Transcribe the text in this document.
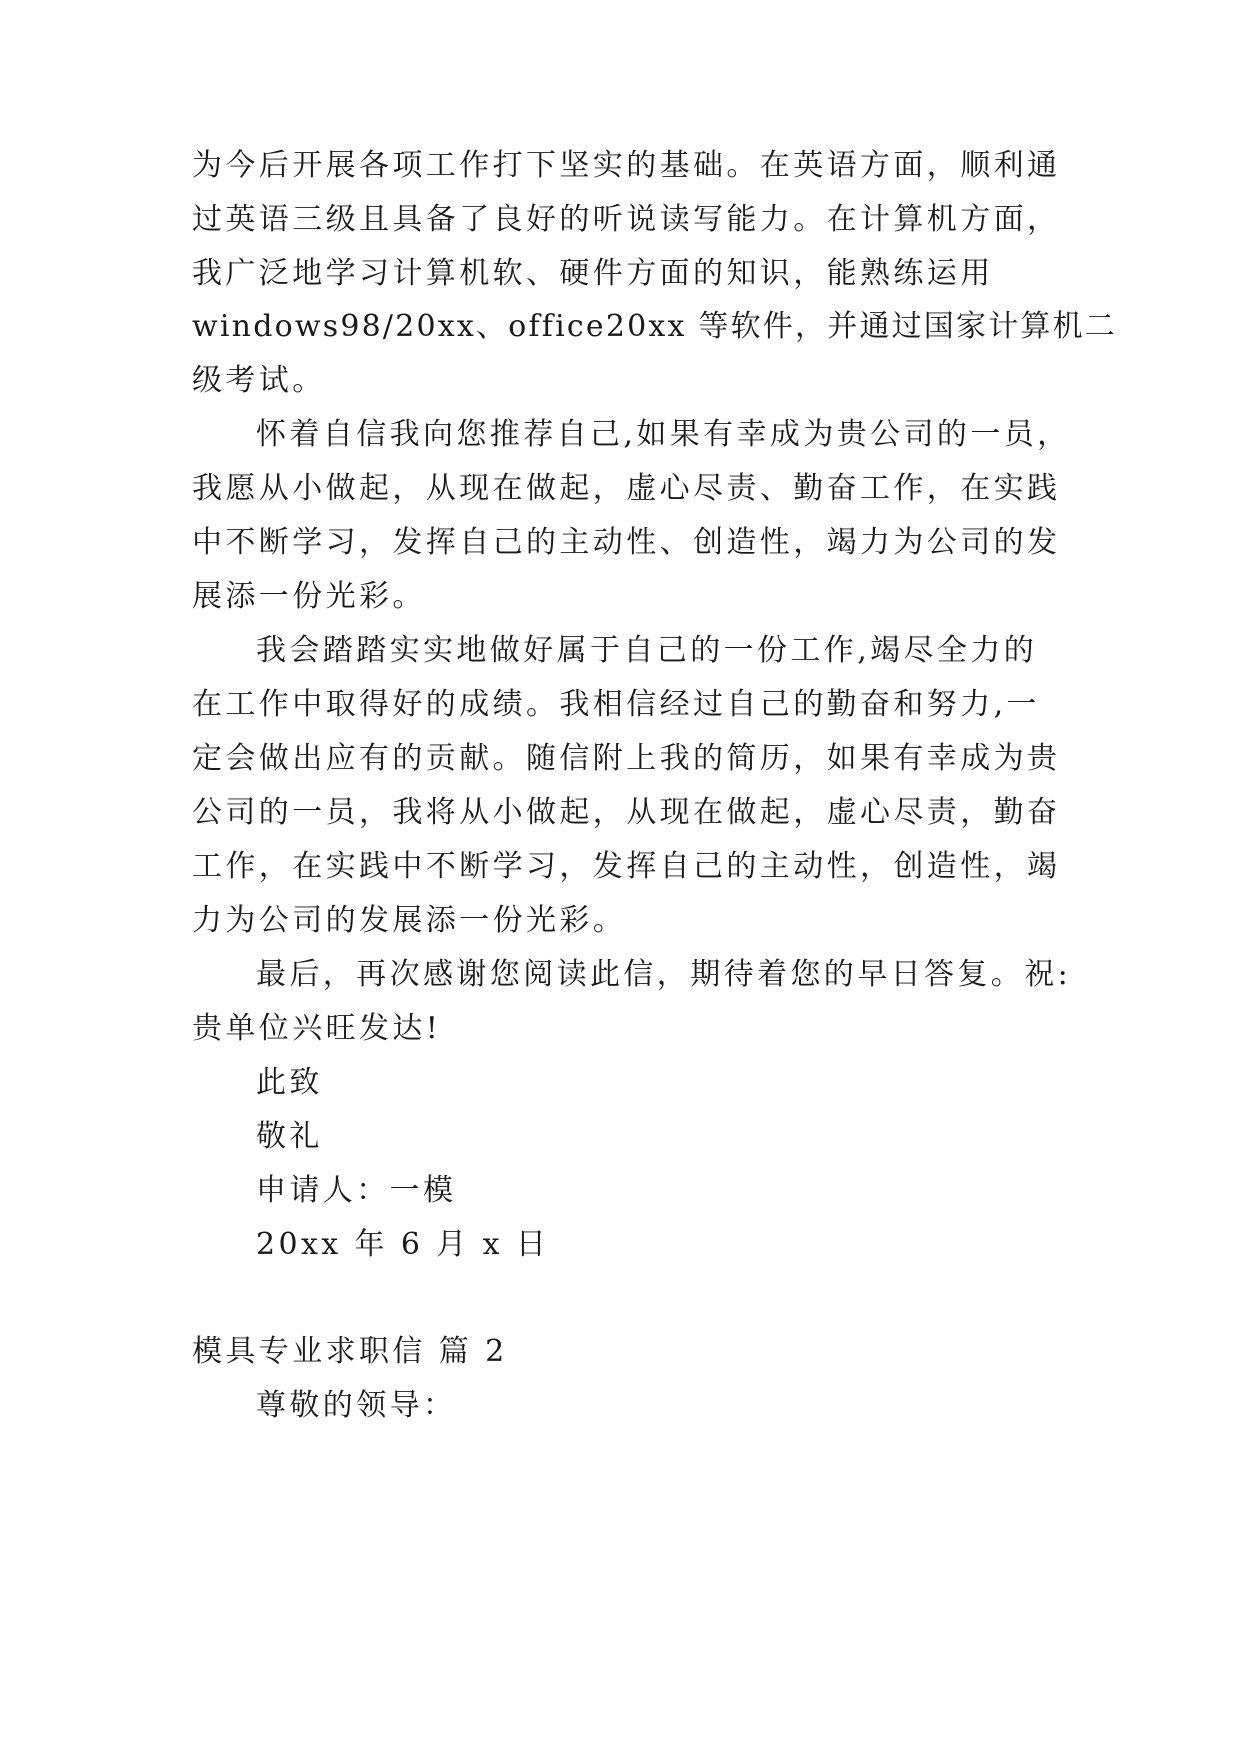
为今后开展各项工作打下坚实的基础。在英语方面，顺利通
过英语三级且具备了良好的听说读写能力。在计算机方面，
我广泛地学习计算机软、硬件方面的知识，能熟练运用
windows98/20xx、office20xx 等软件，并通过国家计算机二
级考试。
怀着自信我向您推荐自己,如果有幸成为贵公司的一员，
我愿从小做起，从现在做起，虚心尽责、勤奋工作，在实践
中不断学习，发挥自己的主动性、创造性，竭力为公司的发
展添一份光彩。
我会踏踏实实地做好属于自己的一份工作,竭尽全力的
在工作中取得好的成绩。我相信经过自己的勤奋和努力,一
定会做出应有的贡献。随信附上我的简历，如果有幸成为贵
公司的一员，我将从小做起，从现在做起，虚心尽责，勤奋
工作，在实践中不断学习，发挥自己的主动性，创造性，竭
力为公司的发展添一份光彩。
最后，再次感谢您阅读此信，期待着您的早日答复。祝:
贵单位兴旺发达!
此致
敬礼
申请人：一模
20xx 年 6 月 x 日
模具专业求职信 篇 2
尊敬的领导：
